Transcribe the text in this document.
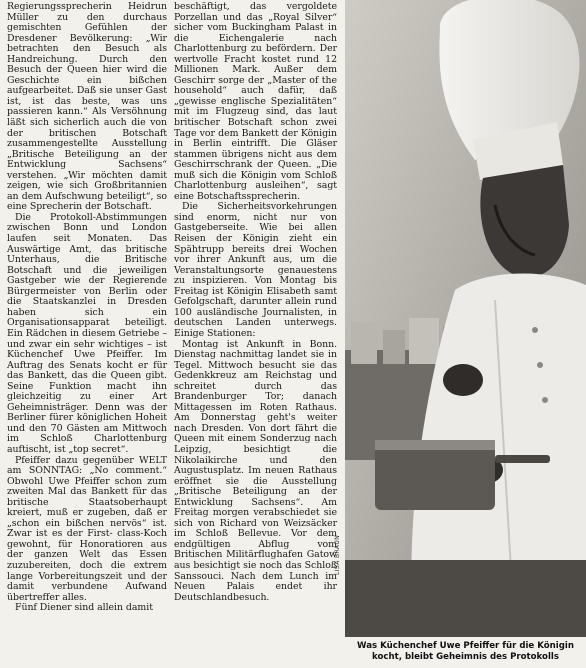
Regierungssprecherin Heidrun Müller zu den durchaus gemischten Gefühlen der Dresdener Bevölkerung: „Wir betrachten den Besuch als Handreichung. Durch den Besuch der Queen hier wird die Geschichte ein bißchen aufgearbeitet. Daß sie unser Gast ist, ist das beste, was uns passieren kann.“ Als Versöhnung läßt sich sicherlich auch die von der britischen Botschaft zusammengestellte Ausstellung „Britische Beteiligung an der Entwicklung Sachsens“ verstehen. „Wir möchten damit zeigen, wie sich Großbritannien an dem Aufschwung beteiligt“, so eine Sprecherin der Botschaft.

Die Protokoll-Abstimmungen zwischen Bonn und London laufen seit Monaten. Das Auswärtige Amt, das britische Unterhaus, die Britische Botschaft und die jeweiligen Gastgeber wie der Regierende Bürgermeister von Berlin oder die Staatskanzlei in Dresden haben sich ein Organisationsapparat beteiligt. Ein Rädchen in diesem Getriebe – und zwar ein sehr wichtiges – ist Küchenchef Uwe Pfeiffer. Im Auftrag des Senats kocht er für das Bankett, das die Queen gibt. Seine Funktion macht ihn gleichzeitig zu einer Art Geheimnisträger. Denn was der Berliner fürer königlichen Hoheit und den 70 Gästen am Mittwoch im Schloß Charlottenburg auftischt, ist „top secret“.

Pfeiffer dazu gegenüber WELT am SONNTAG: „No comment.“ Obwohl Uwe Pfeiffer schon zum zweiten Mal das Bankett für das britische Staatsoberhaupt kreiert, muß er zugeben, daß er „schon ein bißchen nervös“ ist. Zwar ist es der First- class-Koch gewohnt, für Honoratioren aus der ganzen Welt das Essen zuzubereiten, doch die extrem lange Vorbereitungszeit und der damit verbundene Aufwand übertreffer alles.

Fünf Diener sind allein damit

beschäftigt, das vergoldete Porzellan und das „Royal Silver“ sicher vom Buckingham Palast in die Eichengalerie nach Charlottenburg zu befördern. Der wertvolle Fracht kostet rund 12 Millionen Mark. Außer dem Geschirr sorge der „Master of the household“ auch dafür, daß „gewisse englische Spezialitäten“ mit im Flugzeug sind, das laut britischer Botschaft schon zwei Tage vor dem Bankett der Königin in Berlin eintrifft. Die Gläser stammen übrigens nicht aus dem Geschirrschrank der Queen. „Die muß sich die Königin vom Schloß Charlottenburg ausleihen“, sagt eine Botschaftssprecherin.

Die Sicherheitsvorkehrungen sind enorm, nicht nur von Gastgeberseite. Wie bei allen Reisen der Königin zieht ein Spähtrupp bereits drei Wochen vor ihrer Ankunft aus, um die Veranstaltungsorte genauestens zu inspizieren. Von Montag bis Freitag ist Königin Elisabeth samt Gefolgschaft, darunter allein rund 100 ausländische Journalisten, in deutschen Landen unterwegs. Einige Stationen:

Montag ist Ankunft in Bonn. Dienstag nachmittag landet sie in Tegel. Mittwoch besucht sie das Gedenkkreuz am Reichstag und schreitet durch das Brandenburger Tor; danach Mittagessen im Roten Rathaus. Am Donnerstag geht's weiter nach Dresden. Von dort fährt die Queen mit einem Sonderzug nach Leipzig, besichtigt die Nikolaikirche und den Augustusplatz. Im neuen Rathaus eröffnet sie die Ausstellung „Britische Beteiligung an der Entwicklung Sachsens“. Am Freitag morgen verabschiedet sie sich von Richard von Weizsäcker im Schloß Bellevue. Vor dem endgültigen Abflug vom Britischen Militärflughafen Gatow aus besichtigt sie noch das Schloß Sanssouci. Nach dem Lunch im Neuen Palais endet ihr Deutschlandbesuch.

LISA BRAUN
Was Küchenchef Uwe Pfeiffer für die Königin kocht, bleibt Geheimnis des Protokolls
